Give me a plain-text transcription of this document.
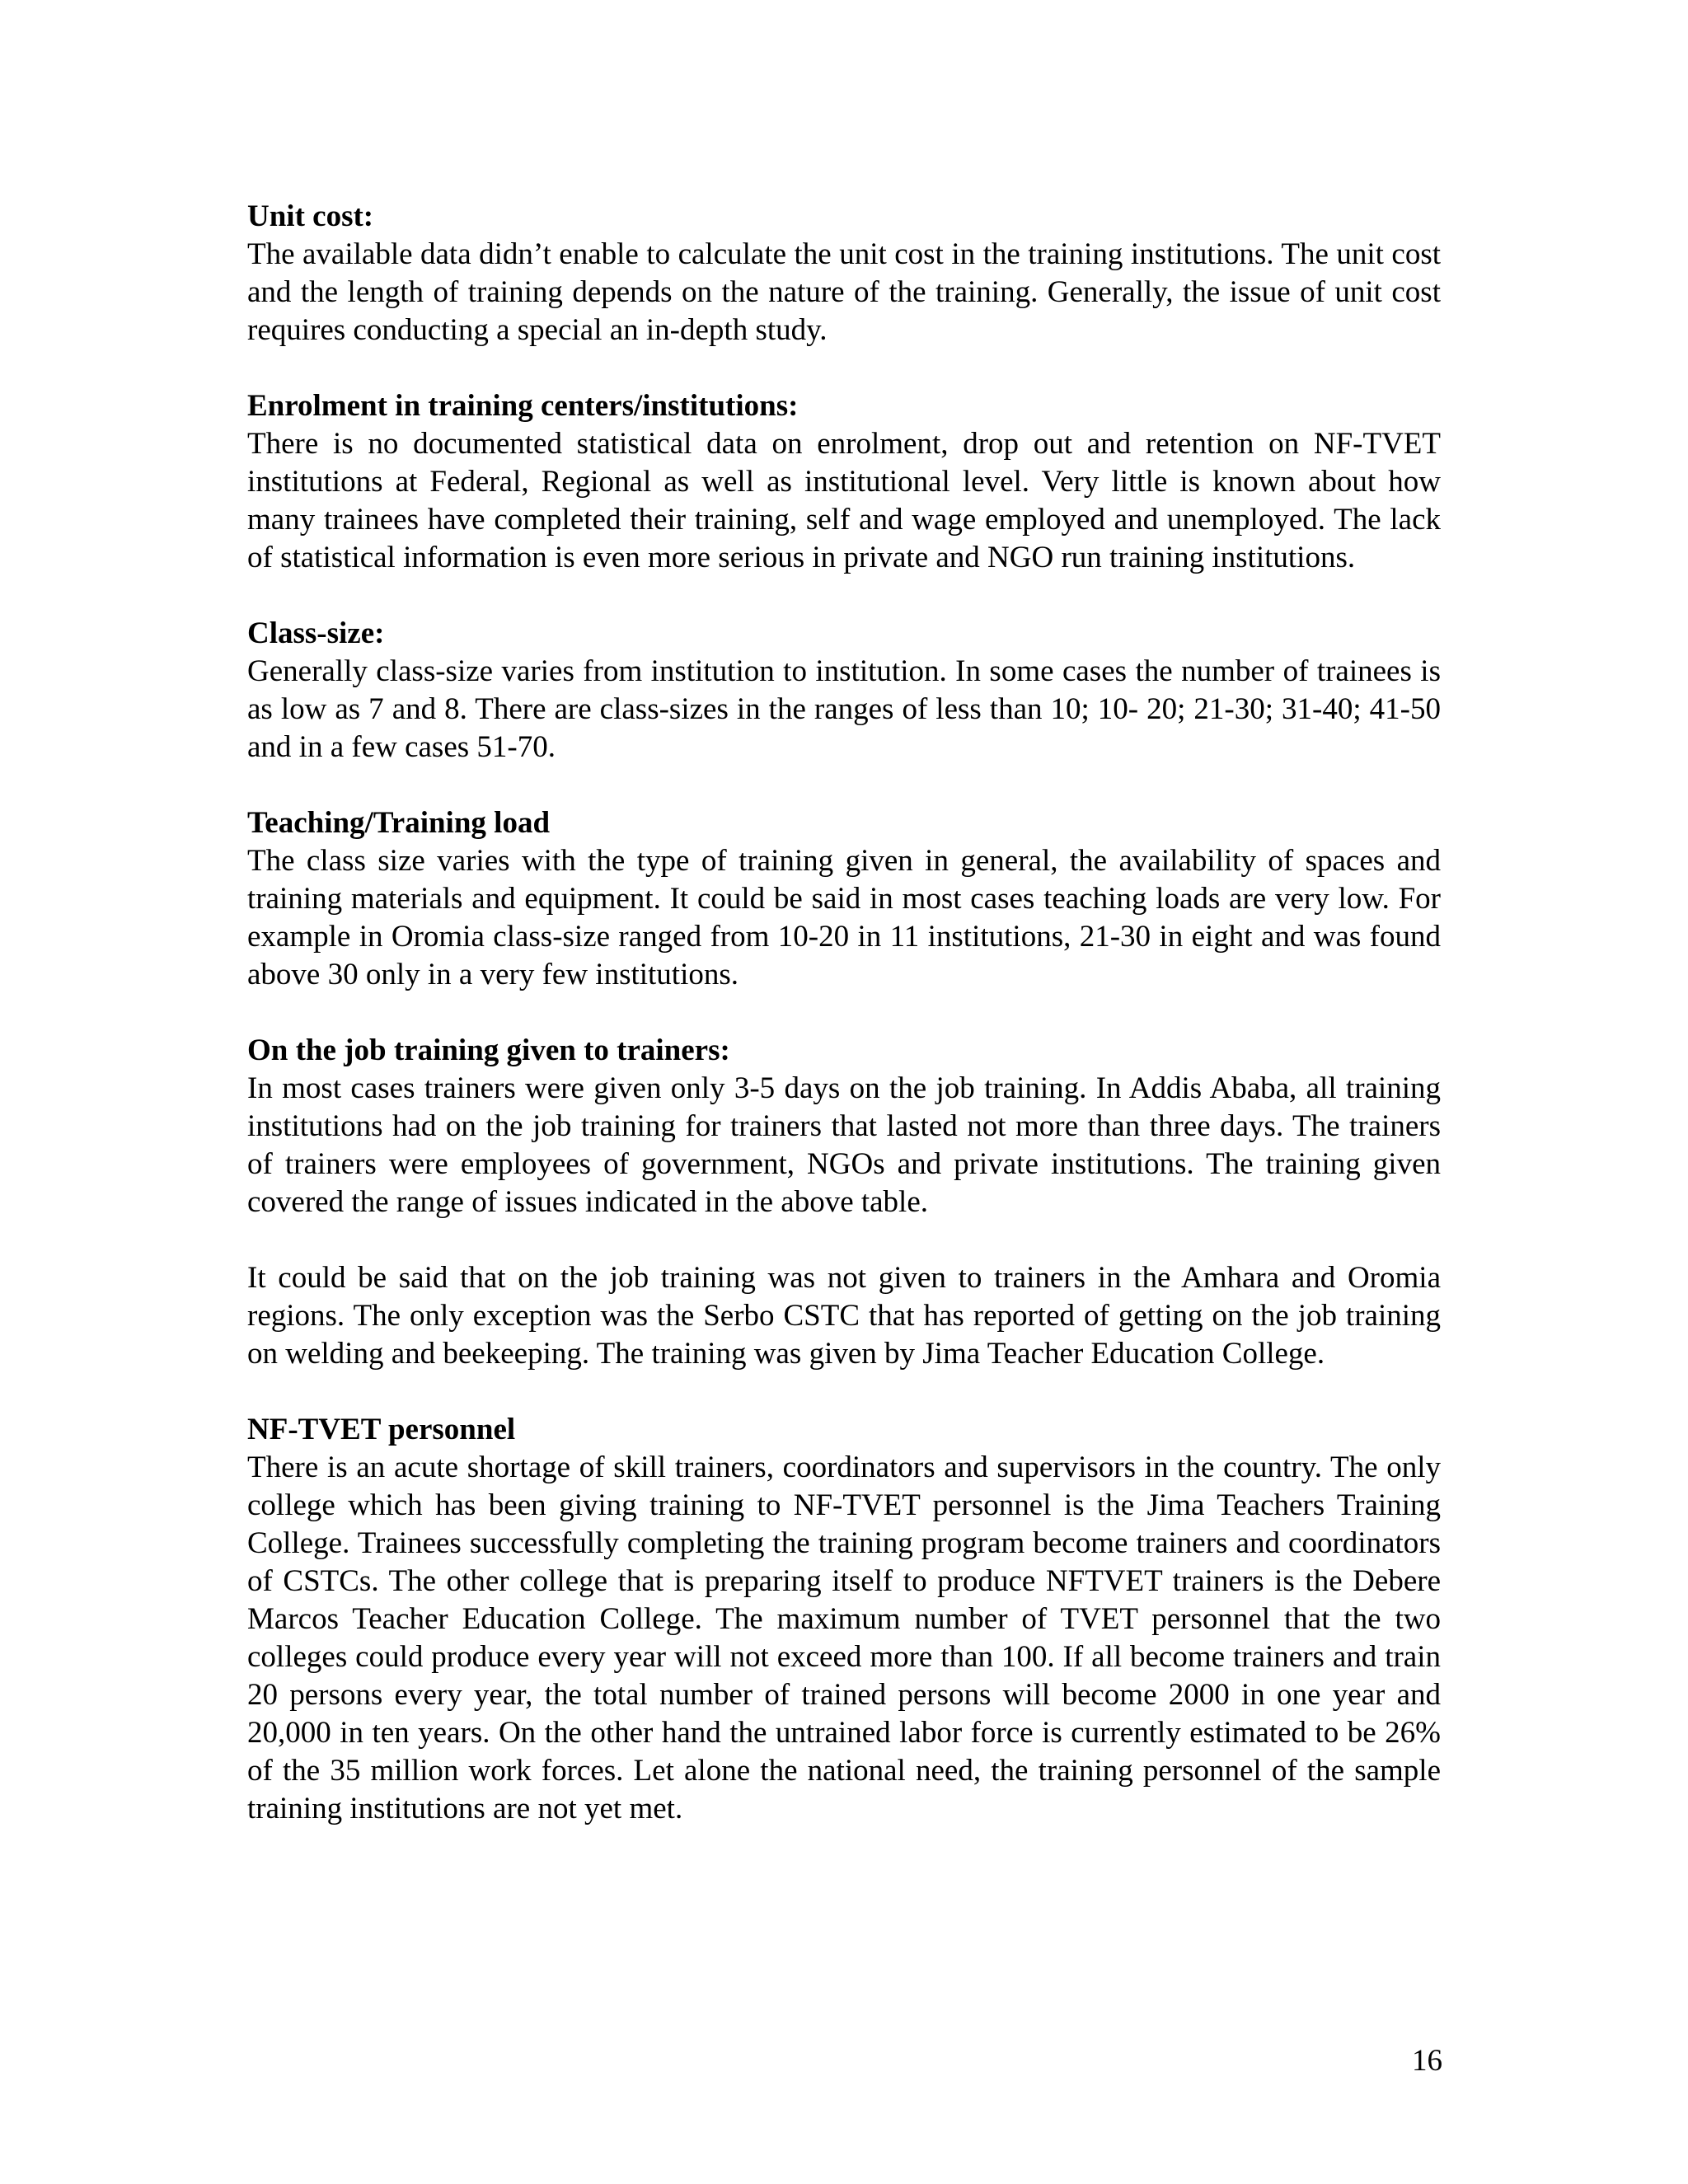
Unit cost:

The available data didn’t enable to calculate the unit cost in the training institutions. The unit cost and the length of training depends on the nature of the training. Generally, the issue of unit cost requires conducting a special an in-depth study.

Enrolment in training centers/institutions:

There is no documented statistical data on enrolment, drop out and retention on NF-TVET institutions at Federal, Regional as well as institutional level. Very little is known about how many trainees have completed their training, self and wage employed and unemployed. The lack of statistical information is even more serious in private and NGO run training institutions.

Class-size:

Generally class-size varies from institution to institution. In some cases the number of trainees is as low as 7 and 8. There are class-sizes in the ranges of less than 10; 10- 20; 21-30; 31-40; 41-50 and in a few cases 51-70.

Teaching/Training load

The class size varies with the type of training given in general, the availability of spaces and training materials and equipment. It could be said in most cases teaching loads are very low. For example in Oromia class-size ranged from 10-20 in 11 institutions, 21-30 in eight and was found above 30 only in a very few institutions.

On the job training given to trainers:

In most cases trainers were given only 3-5 days on the job training. In Addis Ababa, all training institutions had on the job training for trainers that lasted not more than three days. The trainers of trainers were employees of government, NGOs and private institutions. The training given covered the range of issues indicated in the above table.

It could be said that on the job training was not given to trainers in the Amhara and Oromia regions. The only exception was the Serbo CSTC that has reported of getting on the job training on welding and beekeeping. The training was given by Jima Teacher Education College.

NF-TVET personnel

There is an acute shortage of skill trainers, coordinators and supervisors in the country. The only college which has been giving training to NF-TVET personnel is the Jima Teachers Training College. Trainees successfully completing the training program become trainers and coordinators of CSTCs. The other college that is preparing itself to produce NFTVET trainers is the Debere Marcos Teacher Education College. The maximum number of TVET personnel that the two colleges could produce every year will not exceed more than 100. If all become trainers and train 20 persons every year, the total number of trained persons will become 2000 in one year and 20,000 in ten years. On the other hand the untrained labor force is currently estimated to be 26% of the 35 million work forces. Let alone the national need, the training personnel of the sample training institutions are not yet met.

16
